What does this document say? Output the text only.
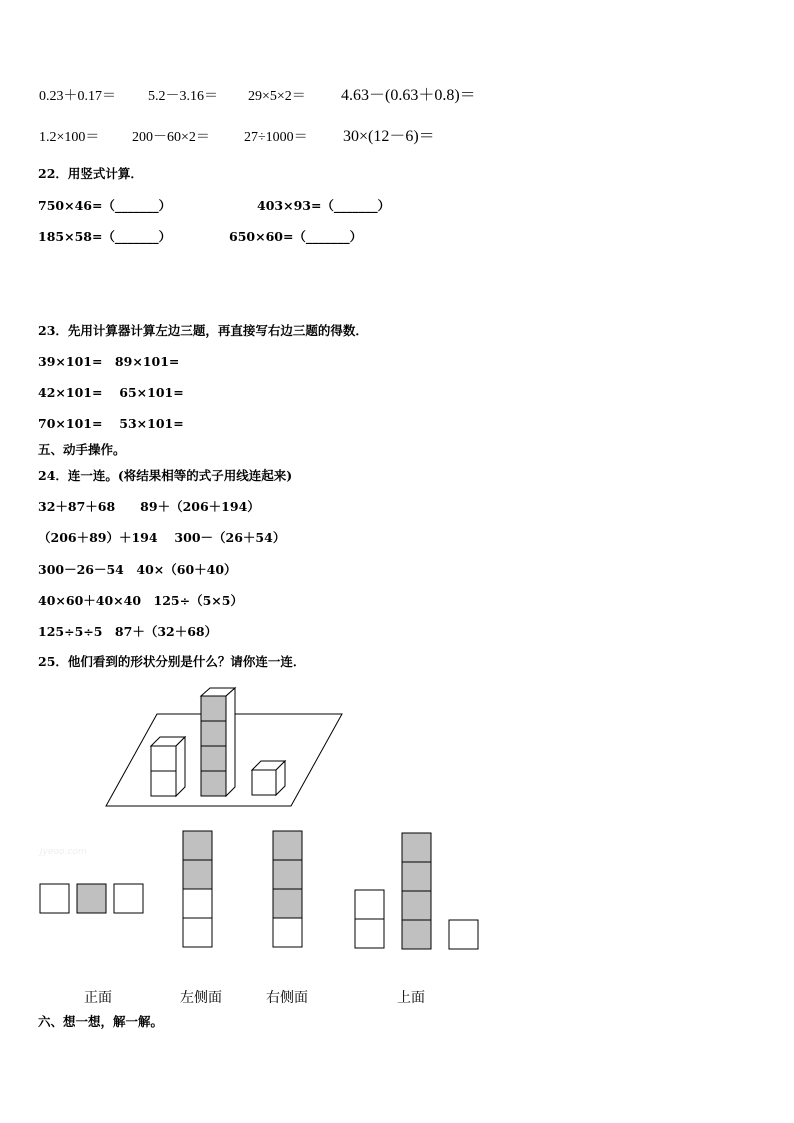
0.23＋0.17＝ 5.2－3.16＝ 29×5×2＝ 4.63－(0.63＋0.8)＝
1.2×100＝ 200－60×2＝ 27÷1000＝ 30×(12－6)＝
22．用竖式计算．
750×46=（_______）	403×93=（_______）
185×58=（_______）	650×60=（_______）
23．先用计算器计算左边三题，再直接写右边三题的得数．
39×101=　89×101=
42×101=　 65×101=
70×101=　 53×101=
五、动手操作。
24．连一连。(将结果相等的式子用线连起来)
32＋87＋68　　89＋（206＋194）
（206＋89）＋194　 300－（26＋54）
300－26－54　40×（60＋40）
40×60＋40×40　125÷（5×5）
125÷5÷5　87＋（32＋68）
25．他们看到的形状分别是什么？请你连一连．
Jyeoo.com
正面	左侧面	右侧面	上面
六、想一想，解一解。
